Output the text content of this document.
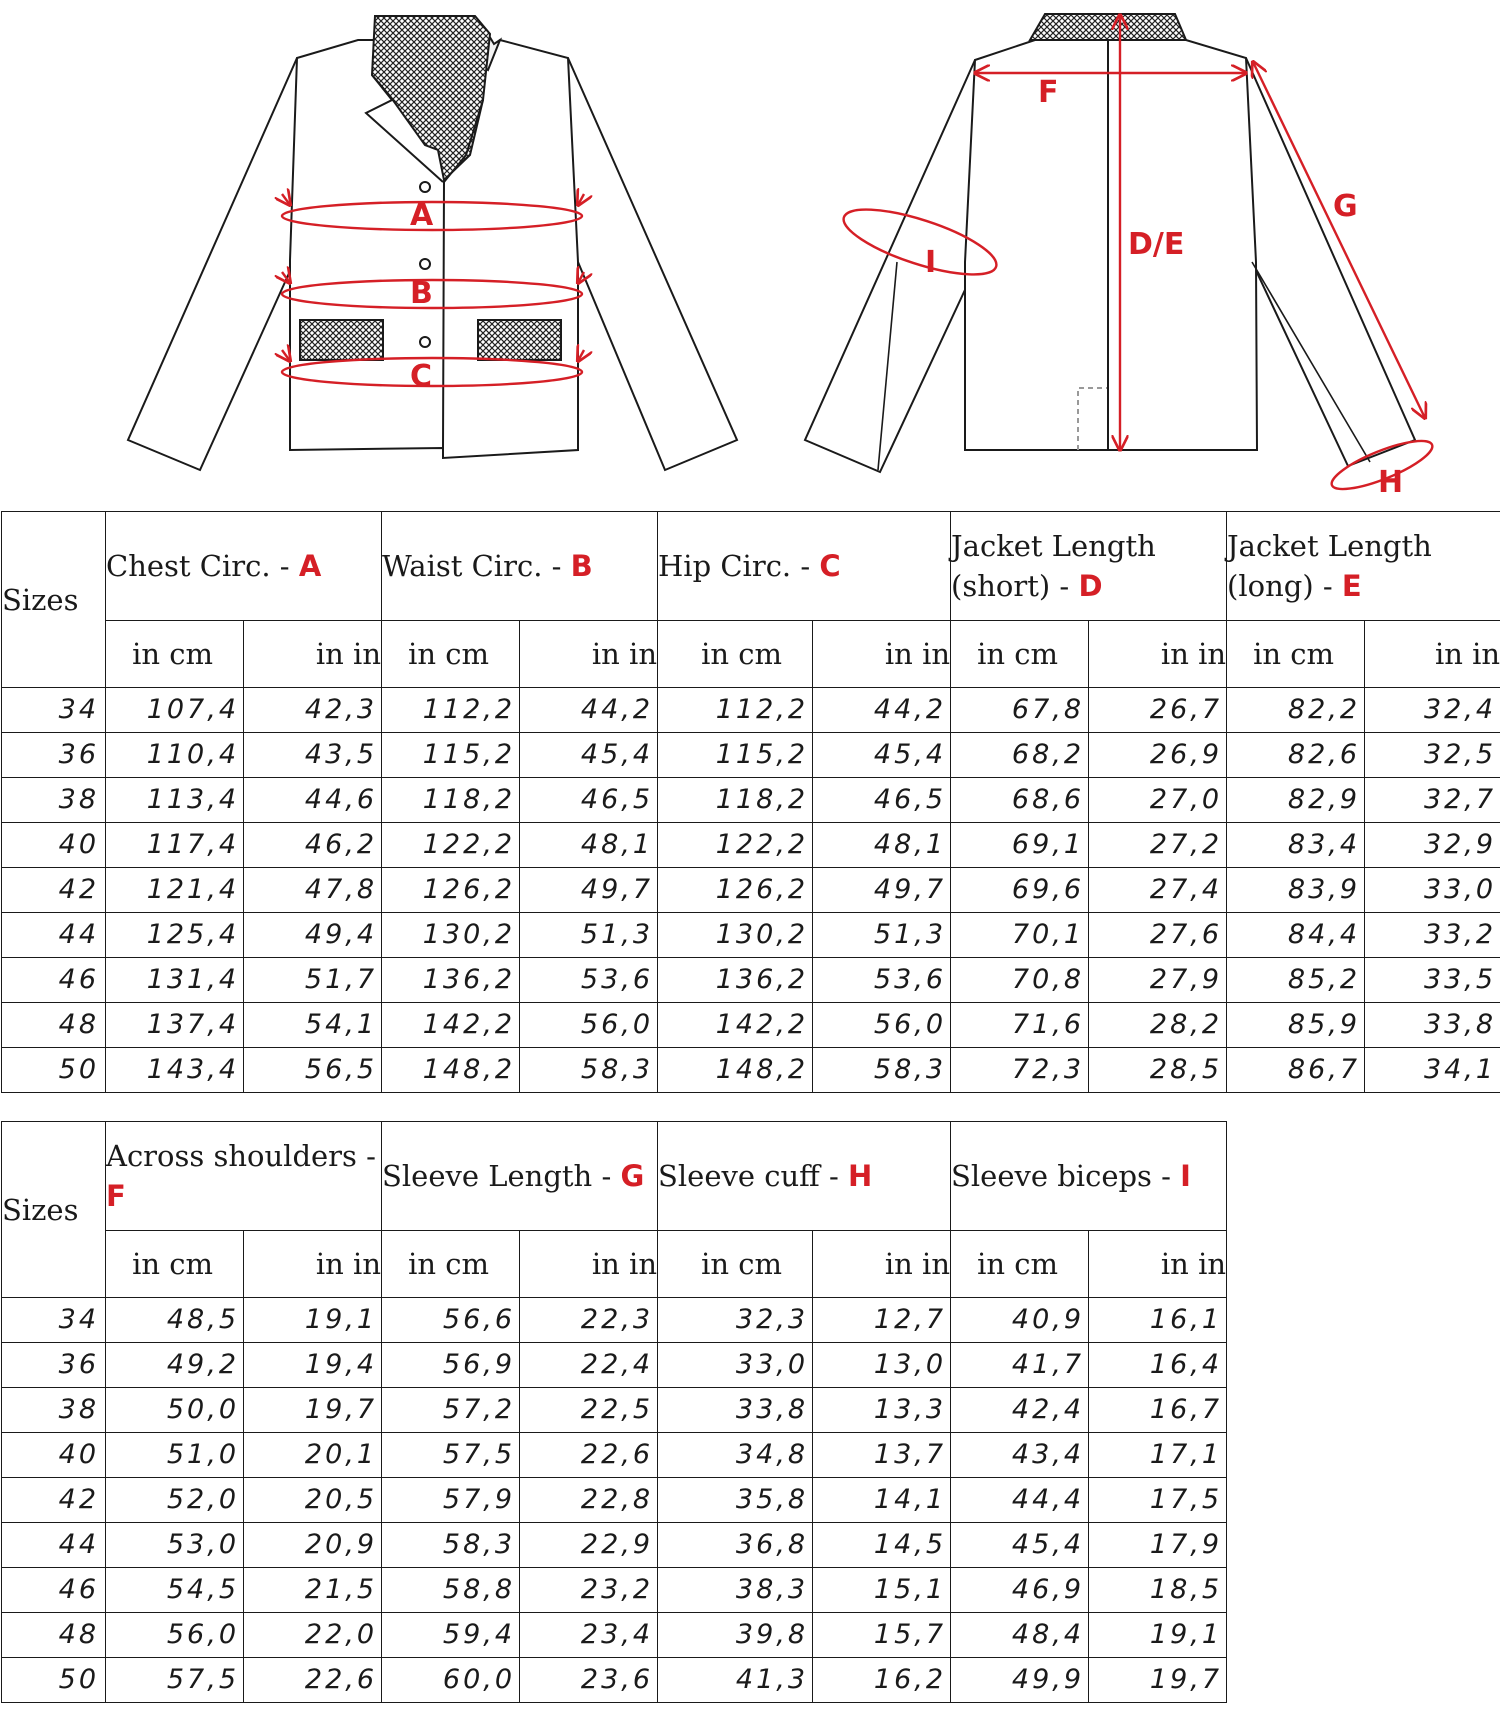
A
B
C
F
D/E
G
I
H
Sizes	Chest Circ. - A		Waist Circ. - B		Hip Circ. - C		Jacket Length (short) - D		Jacket Length (long) - E	
	in cm	in in	in cm	in in	in cm	in in	in cm	in in	in cm	in in
34	107,4	42,3	112,2	44,2	112,2	44,2	67,8	26,7	82,2	32,4
36	110,4	43,5	115,2	45,4	115,2	45,4	68,2	26,9	82,6	32,5
38	113,4	44,6	118,2	46,5	118,2	46,5	68,6	27,0	82,9	32,7
40	117,4	46,2	122,2	48,1	122,2	48,1	69,1	27,2	83,4	32,9
42	121,4	47,8	126,2	49,7	126,2	49,7	69,6	27,4	83,9	33,0
44	125,4	49,4	130,2	51,3	130,2	51,3	70,1	27,6	84,4	33,2
46	131,4	51,7	136,2	53,6	136,2	53,6	70,8	27,9	85,2	33,5
48	137,4	54,1	142,2	56,0	142,2	56,0	71,6	28,2	85,9	33,8
50	143,4	56,5	148,2	58,3	148,2	58,3	72,3	28,5	86,7	34,1
Sizes	Across shoulders - F		Sleeve Length - G		Sleeve cuff - H		Sleeve biceps - I	
	in cm	in in	in cm	in in	in cm	in in	in cm	in in
34	48,5	19,1	56,6	22,3	32,3	12,7	40,9	16,1
36	49,2	19,4	56,9	22,4	33,0	13,0	41,7	16,4
38	50,0	19,7	57,2	22,5	33,8	13,3	42,4	16,7
40	51,0	20,1	57,5	22,6	34,8	13,7	43,4	17,1
42	52,0	20,5	57,9	22,8	35,8	14,1	44,4	17,5
44	53,0	20,9	58,3	22,9	36,8	14,5	45,4	17,9
46	54,5	21,5	58,8	23,2	38,3	15,1	46,9	18,5
48	56,0	22,0	59,4	23,4	39,8	15,7	48,4	19,1
50	57,5	22,6	60,0	23,6	41,3	16,2	49,9	19,7
